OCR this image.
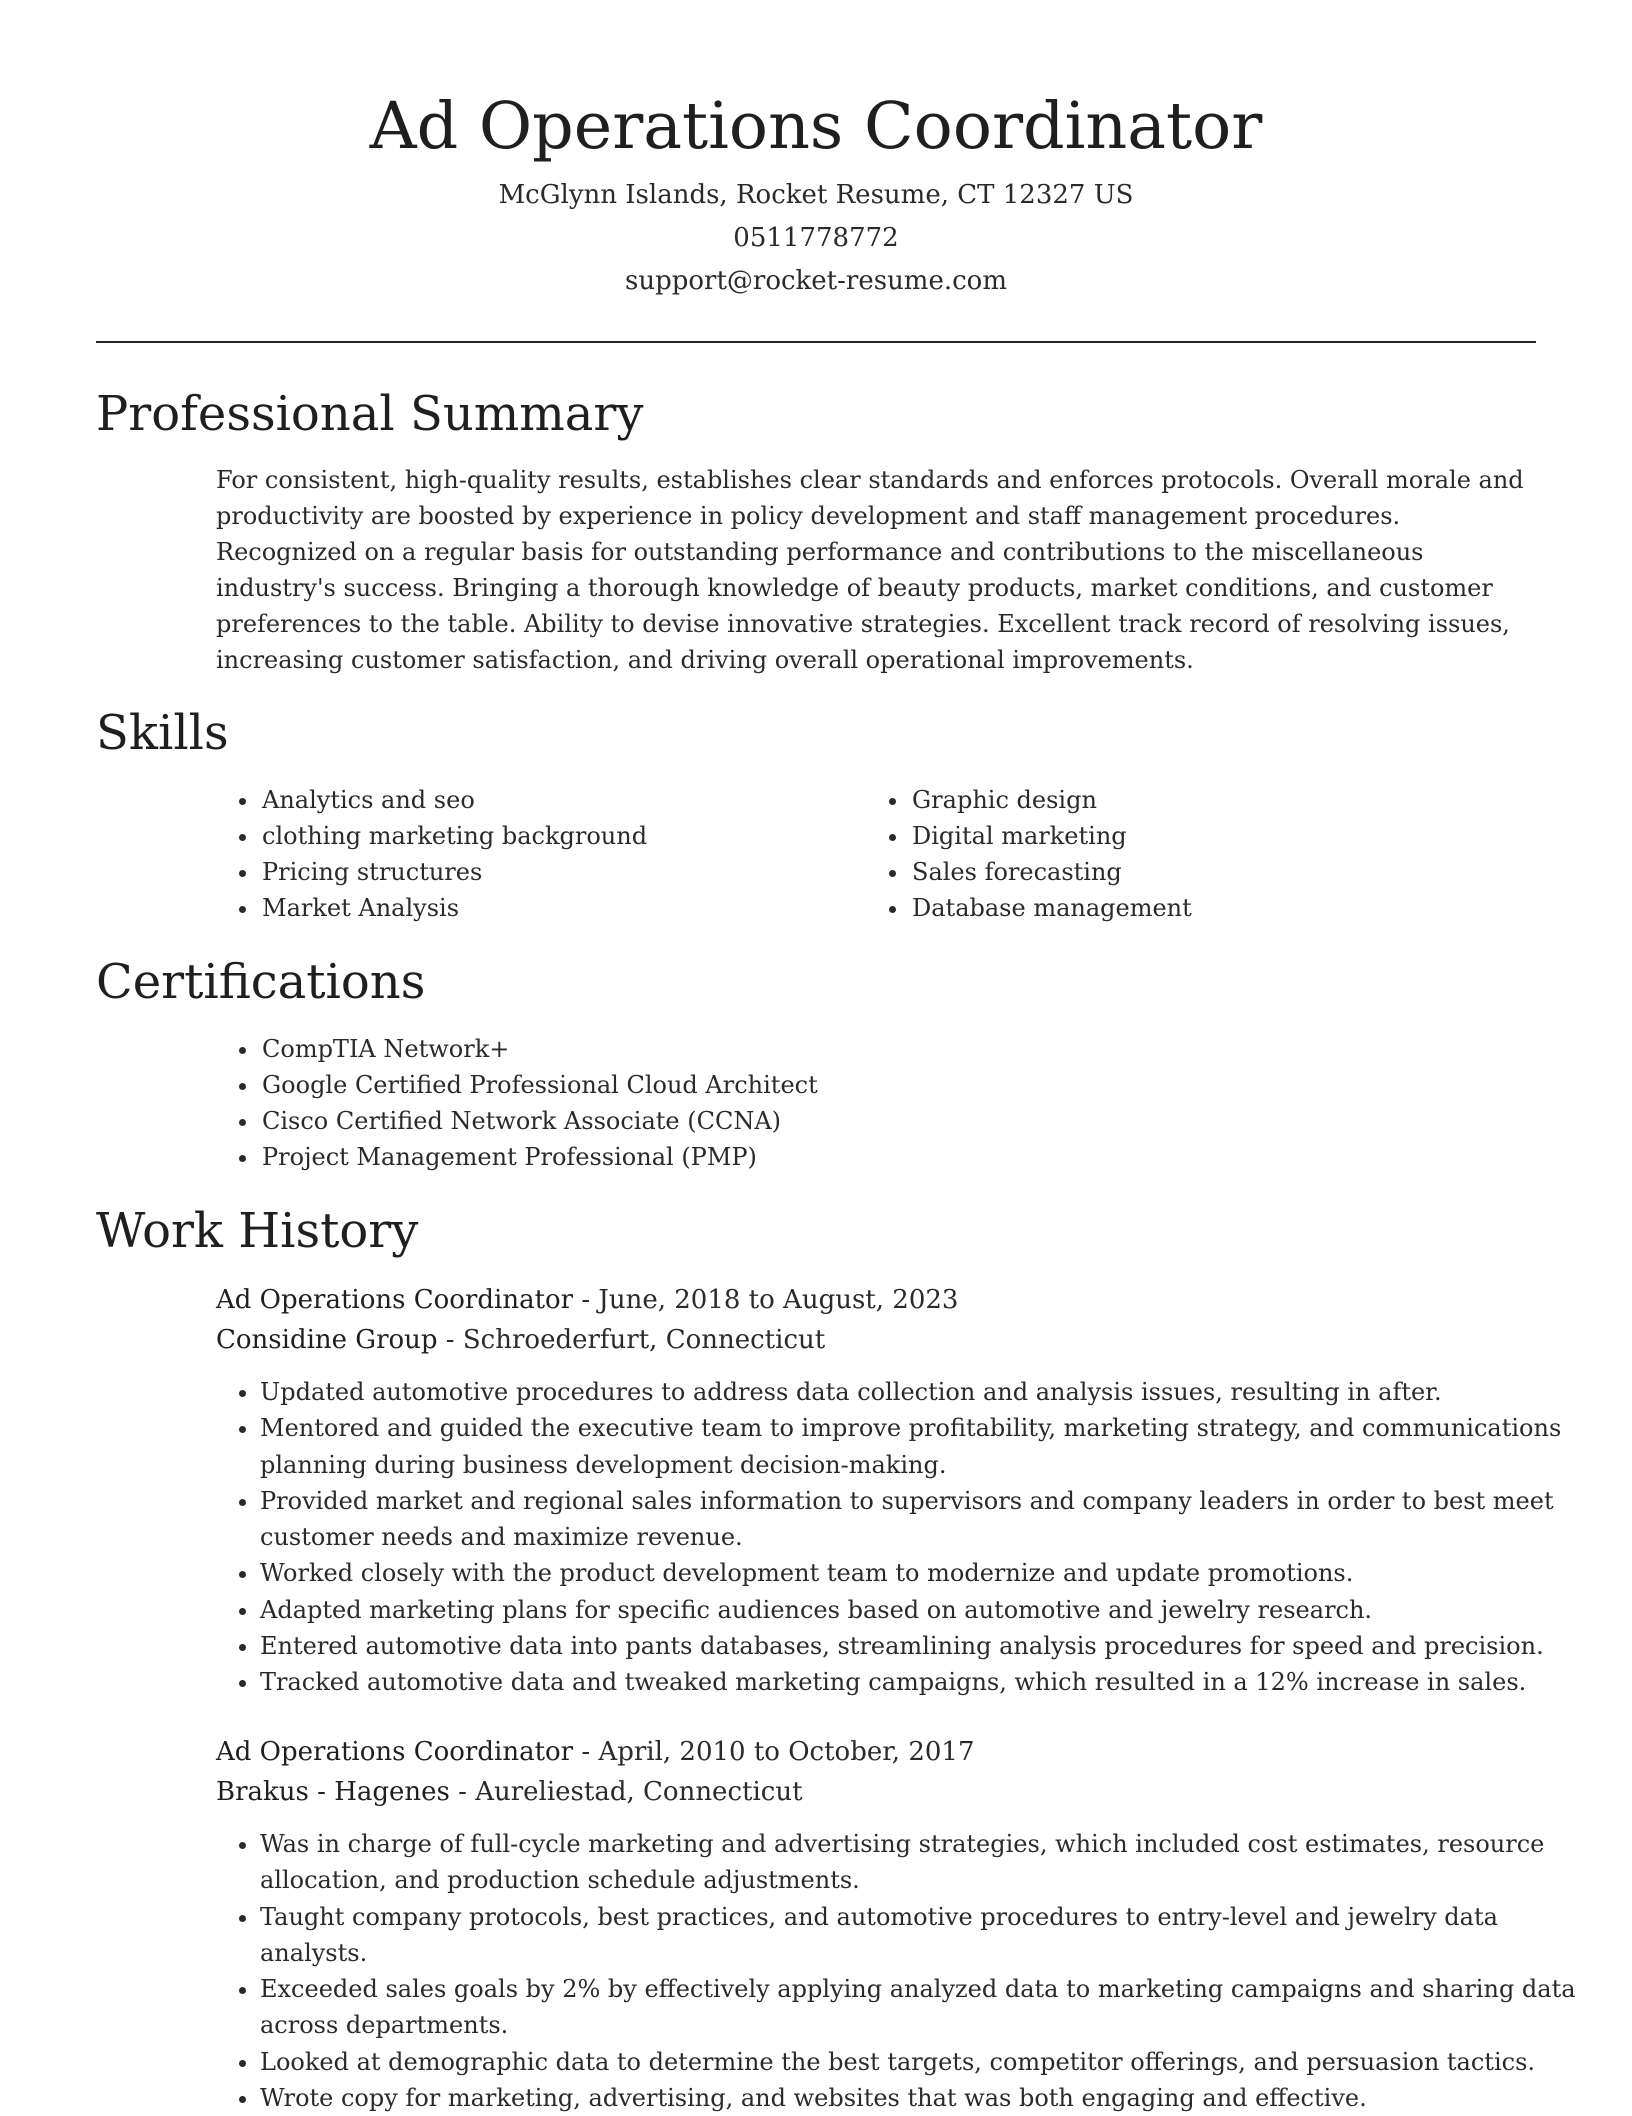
Ad Operations Coordinator
McGlynn Islands, Rocket Resume, CT 12327 US
0511778772
support@rocket-resume.com
Professional Summary

For consistent, high-quality results, establishes clear standards and enforces protocols. Overall morale and productivity are boosted by experience in policy development and staff management procedures. Recognized on a regular basis for outstanding performance and contributions to the miscellaneous industry's success. Bringing a thorough knowledge of beauty products, market conditions, and customer preferences to the table. Ability to devise innovative strategies. Excellent track record of resolving issues, increasing customer satisfaction, and driving overall operational improvements.

Skills
• Analytics and seo
• clothing marketing background
• Pricing structures
• Market Analysis
• Graphic design
• Digital marketing
• Sales forecasting
• Database management
Certifications
• CompTIA Network+
• Google Certified Professional Cloud Architect
• Cisco Certified Network Associate (CCNA)
• Project Management Professional (PMP)
Work History
Ad Operations Coordinator - June, 2018 to August, 2023
Considine Group - Schroederfurt, Connecticut
• Updated automotive procedures to address data collection and analysis issues, resulting in after.
• Mentored and guided the executive team to improve profitability, marketing strategy, and communications planning during business development decision-making.
• Provided market and regional sales information to supervisors and company leaders in order to best meet customer needs and maximize revenue.
• Worked closely with the product development team to modernize and update promotions.
• Adapted marketing plans for specific audiences based on automotive and jewelry research.
• Entered automotive data into pants databases, streamlining analysis procedures for speed and precision.
• Tracked automotive data and tweaked marketing campaigns, which resulted in a 12% increase in sales.
Ad Operations Coordinator - April, 2010 to October, 2017
Brakus - Hagenes - Aureliestad, Connecticut
• Was in charge of full-cycle marketing and advertising strategies, which included cost estimates, resource allocation, and production schedule adjustments.
• Taught company protocols, best practices, and automotive procedures to entry-level and jewelry data analysts.
• Exceeded sales goals by 2% by effectively applying analyzed data to marketing campaigns and sharing data across departments.
• Looked at demographic data to determine the best targets, competitor offerings, and persuasion tactics.
• Wrote copy for marketing, advertising, and websites that was both engaging and effective.
